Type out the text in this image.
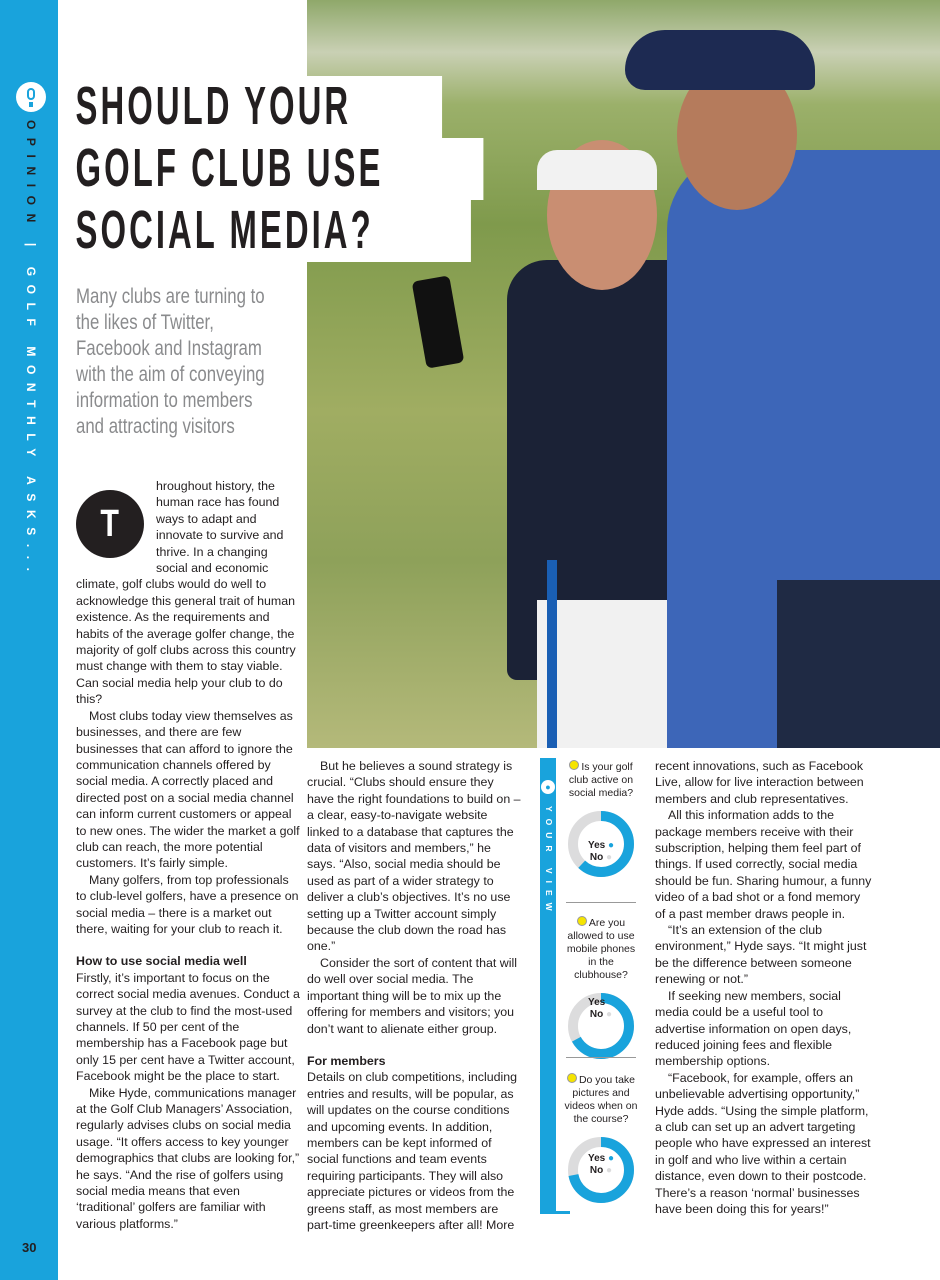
OPINION | GOLF MONTHLY ASKS...
30
SHOULD YOUR GOLF CLUB USE SOCIAL MEDIA?
Many clubs are turning to the likes of Twitter, Facebook and Instagram with the aim of conveying information to members and attracting visitors
T

hroughout history, the human race has found ways to adapt and innovate to survive and thrive. In a changing social and economic climate, golf clubs would do well to acknowledge this general trait of human existence. As the requirements and habits of the average golfer change, the majority of golf clubs across this country must change with them to stay viable. Can social media help your club to do this?

Most clubs today view themselves as businesses, and there are few businesses that can afford to ignore the communication channels offered by social media. A correctly placed and directed post on a social media channel can inform current customers or appeal to new ones. The wider the market a golf club can reach, the more potential customers. It’s fairly simple.

Many golfers, from top professionals to club-level golfers, have a presence on social media – there is a market out there, waiting for your club to reach it.

How to use social media well

Firstly, it’s important to focus on the correct social media avenues. Conduct a survey at the club to find the most-used channels. If 50 per cent of the membership has a Facebook page but only 15 per cent have a Twitter account, Facebook might be the place to start.

Mike Hyde, communications manager at the Golf Club Managers’ Association, regularly advises clubs on social media usage. “It offers access to key younger demographics that clubs are looking for,” he says. “And the rise of golfers using social media means that even ‘traditional’ golfers are familiar with various platforms.”

But he believes a sound strategy is crucial. “Clubs should ensure they have the right foundations to build on – a clear, easy-to-navigate website linked to a database that captures the data of visitors and members,” he says. “Also, social media should be used as part of a wider strategy to deliver a club’s objectives. It’s no use setting up a Twitter account simply because the club down the road has one.”

Consider the sort of content that will do well over social media. The important thing will be to mix up the offering for members and visitors; you don’t want to alienate either group.

For members

Details on club competitions, including entries and results, will be popular, as will updates on the course conditions and upcoming events. In addition, members can be kept informed of social functions and team events requiring participants. They will also appreciate pictures or videos from the greens staff, as most members are part-time greenkeepers after all! More

recent innovations, such as Facebook Live, allow for live interaction between members and club representatives.

All this information adds to the package members receive with their subscription, helping them feel part of things. If used correctly, social media should be fun. Sharing humour, a funny video of a bad shot or a fond memory of a past member draws people in.

“It’s an extension of the club environment,” Hyde says. “It might just be the difference between someone renewing or not.”

If seeking new members, social media could be a useful tool to advertise information on open days, reduced joining fees and flexible membership options.

“Facebook, for example, offers an unbelievable advertising opportunity,” Hyde adds. “Using the simple platform, a club can set up an advert targeting people who have expressed an interest in golf and who live within a certain distance, even down to their postcode. There’s a reason ‘normal’ businesses have been doing this for years!”

●
YOUR VIEW
Is your golf club active on social media?
Yes ●
No ●
Are you allowed to use mobile phones in the clubhouse?
Yes ●
No ●
Do you take pictures and videos when on the course?
Yes ●
No ●
